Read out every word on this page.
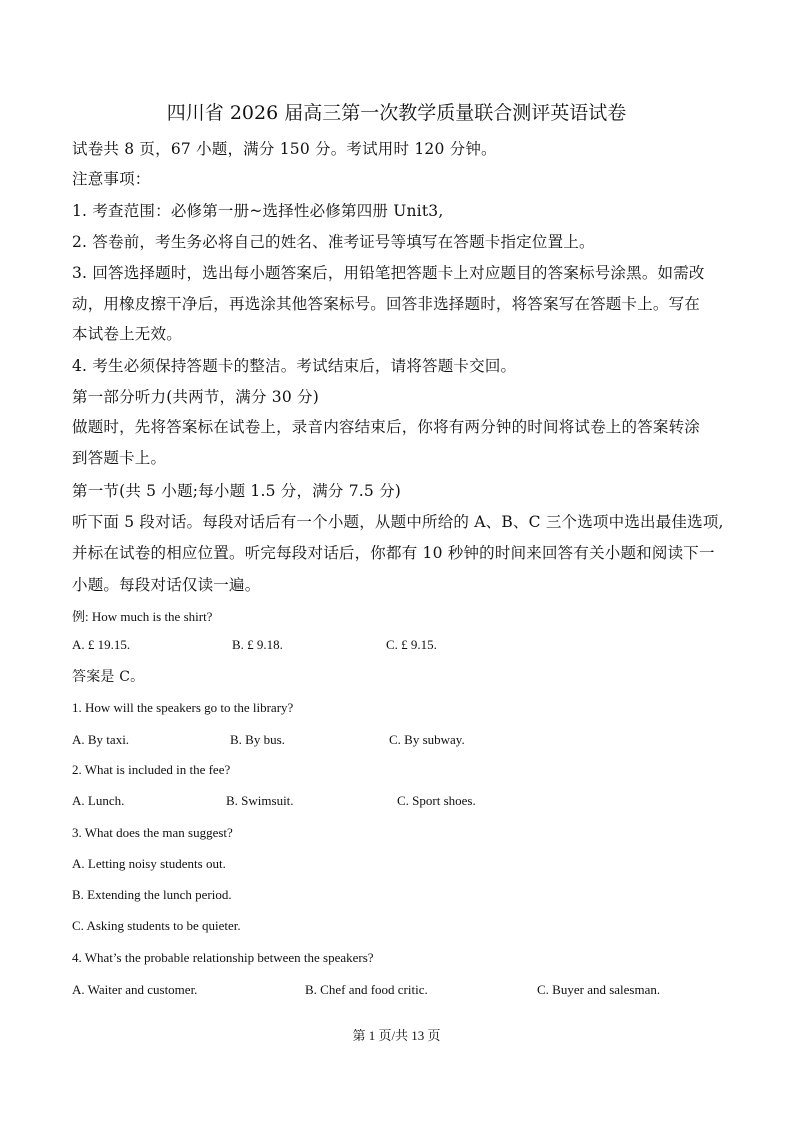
四川省 2026 届高三第一次教学质量联合测评英语试卷
试卷共 8 页，67 小题，满分 150 分。考试用时 120 分钟。
注意事项：
1. 考查范围：必修第一册~选择性必修第四册 Unit3,
2. 答卷前，考生务必将自己的姓名、准考证号等填写在答题卡指定位置上。
3. 回答选择题时，选出每小题答案后，用铅笔把答题卡上对应题目的答案标号涂黑。如需改
动，用橡皮擦干净后，再选涂其他答案标号。回答非选择题时，将答案写在答题卡上。写在
本试卷上无效。
4. 考生必须保持答题卡的整洁。考试结束后，请将答题卡交回。
第一部分听力(共两节，满分 30 分)
做题时，先将答案标在试卷上，录音内容结束后，你将有两分钟的时间将试卷上的答案转涂
到答题卡上。
第一节(共 5 小题;每小题 1.5 分，满分 7.5 分)
听下面 5 段对话。每段对话后有一个小题，从题中所给的 A、B、C 三个选项中选出最佳选项,
并标在试卷的相应位置。听完每段对话后，你都有 10 秒钟的时间来回答有关小题和阅读下一
小题。每段对话仅读一遍。
例: How much is the shirt?
A. £ 19.15.	B. £ 9.18.	C. £ 9.15.
答案是 C。
1. How will the speakers go to the library?
A. By taxi.	B. By bus.	C. By subway.
2. What is included in the fee?
A. Lunch.	B. Swimsuit.	C. Sport shoes.
3. What does the man suggest?
A. Letting noisy students out.
B. Extending the lunch period.
C. Asking students to be quieter.
4. What’s the probable relationship between the speakers?
A. Waiter and customer.	B. Chef and food critic.	C. Buyer and salesman.
第 1 页/共 13 页
